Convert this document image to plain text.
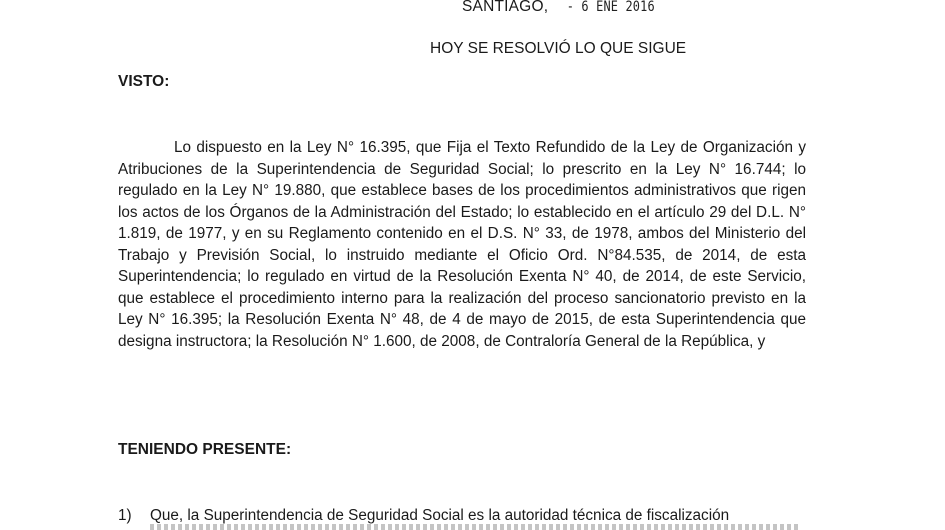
SANTIAGO, - 6 ENE 2016
HOY SE RESOLVIÓ LO QUE SIGUE
VISTO:

Lo dispuesto en la Ley N° 16.395, que Fija el Texto Refundido de la Ley de Organización y Atribuciones de la Superintendencia de Seguridad Social; lo prescrito en la Ley N° 16.744; lo regulado en la Ley N° 19.880, que establece bases de los procedimientos administrativos que rigen los actos de los Órganos de la Administración del Estado; lo establecido en el artículo 29 del D.L. N° 1.819, de 1977, y en su Reglamento contenido en el D.S. N° 33, de 1978, ambos del Ministerio del Trabajo y Previsión Social, lo instruido mediante el Oficio Ord. N°84.535, de 2014, de esta Superintendencia; lo regulado en virtud de la Resolución Exenta N° 40, de 2014, de este Servicio, que establece el procedimiento interno para la realización del proceso sancionatorio previsto en la Ley N° 16.395; la Resolución Exenta N° 48, de 4 de mayo de 2015, de esta Superintendencia que designa instructora; la Resolución N° 1.600, de 2008, de Contraloría General de la República, y

TENIENDO PRESENTE:
1) Que, la Superintendencia de Seguridad Social es la autoridad técnica de fiscalización
